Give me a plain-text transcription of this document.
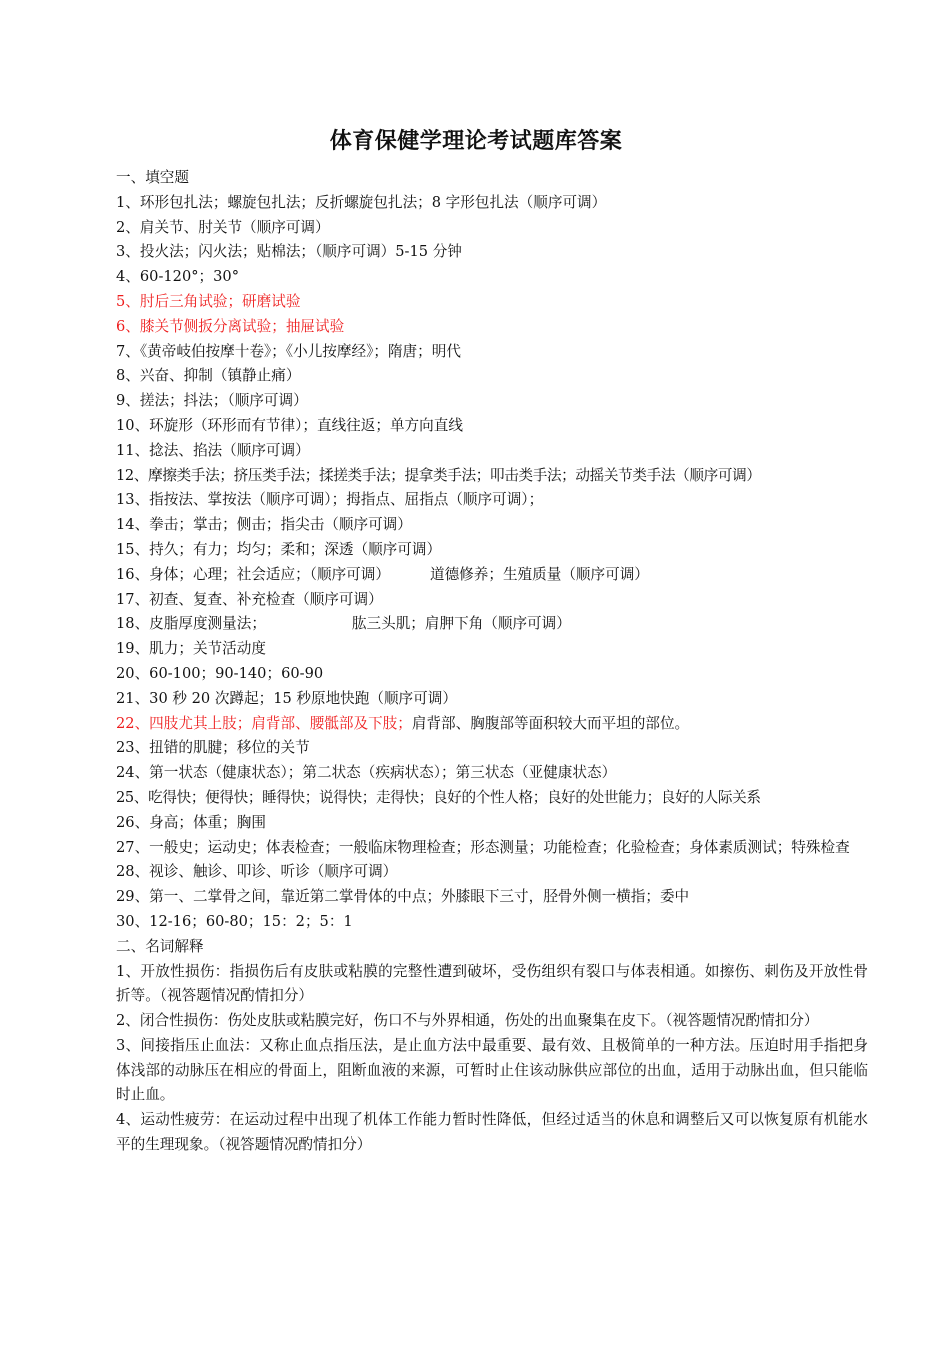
体育保健学理论考试题库答案
一、填空题
1、环形包扎法；螺旋包扎法；反折螺旋包扎法；8 字形包扎法（顺序可调）
2、肩关节、肘关节（顺序可调）
3、投火法；闪火法；贴棉法；（顺序可调）5-15 分钟
4、60-120°；30°
5、肘后三角试验；研磨试验
6、膝关节侧扳分离试验；抽屉试验
7、《黄帝岐伯按摩十卷》；《小儿按摩经》；隋唐；明代
8、兴奋、抑制（镇静止痛）
9、搓法；抖法；（顺序可调）
10、环旋形（环形而有节律）；直线往返；单方向直线
11、捻法、掐法（顺序可调）
12、摩擦类手法；挤压类手法；揉搓类手法；提拿类手法；叩击类手法；动摇关节类手法（顺序可调）
13、指按法、掌按法（顺序可调）；拇指点、屈指点（顺序可调）；
14、拳击；掌击；侧击；指尖击（顺序可调）
15、持久；有力；均匀；柔和；深透（顺序可调）
16、身体；心理；社会适应；（顺序可调）	道德修养；生殖质量（顺序可调）
17、初查、复查、补充检查（顺序可调）
18、皮脂厚度测量法；	肱三头肌；肩胛下角（顺序可调）
19、肌力；关节活动度
20、60-100；90-140；60-90
21、30 秒 20 次蹲起；15 秒原地快跑（顺序可调）
22、四肢尤其上肢；肩背部、腰骶部及下肢；肩背部、胸腹部等面积较大而平坦的部位。
23、扭错的肌腱；移位的关节
24、第一状态（健康状态）；第二状态（疾病状态）；第三状态（亚健康状态）
25、吃得快；便得快；睡得快；说得快；走得快；良好的个性人格；良好的处世能力；良好的人际关系
26、身高；体重；胸围
27、一般史；运动史；体表检查；一般临床物理检查；形态测量；功能检查；化验检查；身体素质测试；特殊检查
28、视诊、触诊、叩诊、听诊（顺序可调）
29、第一、二掌骨之间，靠近第二掌骨体的中点；外膝眼下三寸，胫骨外侧一横指；委中
30、12-16；60-80；15：2；5：1
二、名词解释
1、开放性损伤：指损伤后有皮肤或粘膜的完整性遭到破坏，受伤组织有裂口与体表相通。如擦伤、刺伤及开放性骨折等。（视答题情况酌情扣分）
2、闭合性损伤：伤处皮肤或粘膜完好，伤口不与外界相通，伤处的出血聚集在皮下。（视答题情况酌情扣分）
3、间接指压止血法：又称止血点指压法，是止血方法中最重要、最有效、且极简单的一种方法。压迫时用手指把身体浅部的动脉压在相应的骨面上，阻断血液的来源，可暂时止住该动脉供应部位的出血，适用于动脉出血，但只能临时止血。
4、运动性疲劳：在运动过程中出现了机体工作能力暂时性降低，但经过适当的休息和调整后又可以恢复原有机能水平的生理现象。（视答题情况酌情扣分）
